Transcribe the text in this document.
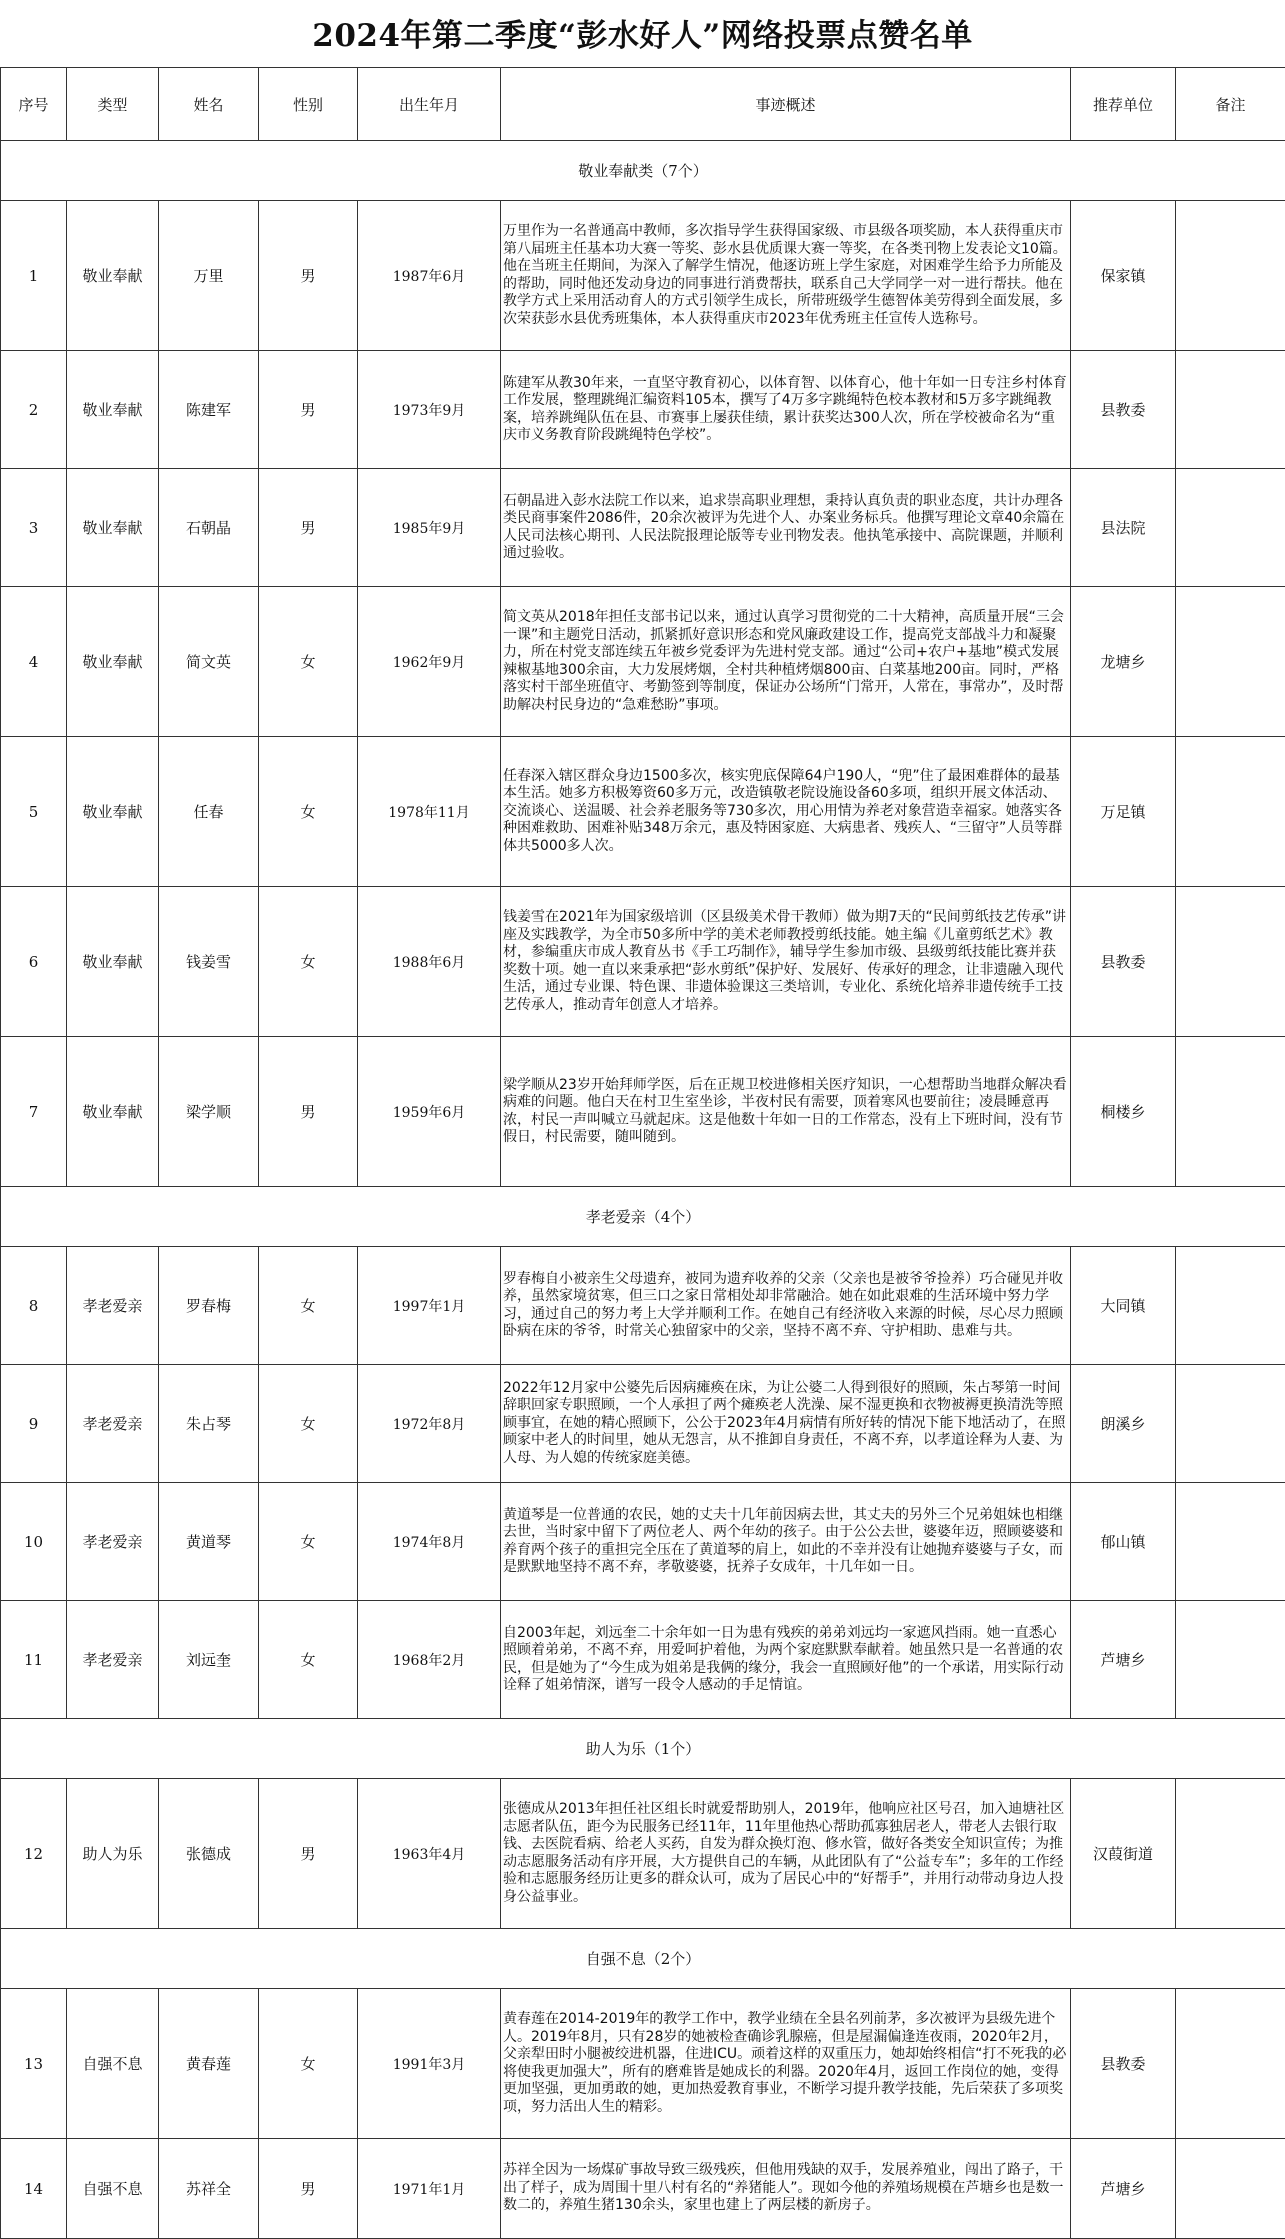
2024年第二季度“彭水好人”网络投票点赞名单
序号	类型	姓名	性别	出生年月	事迹概述	推荐单位	备注
敬业奉献类（7个）							
1	敬业奉献	万里	男	1987年6月	万里作为一名普通高中教师，多次指导学生获得国家级、市县级各项奖励，本人获得重庆市第八届班主任基本功大赛一等奖、彭水县优质课大赛一等奖，在各类刊物上发表论文10篇。他在当班主任期间，为深入了解学生情况，他逐访班上学生家庭，对困难学生给予力所能及的帮助，同时他还发动身边的同事进行消费帮扶，联系自己大学同学一对一进行帮扶。他在教学方式上采用活动育人的方式引领学生成长，所带班级学生德智体美劳得到全面发展，多次荣获彭水县优秀班集体，本人获得重庆市2023年优秀班主任宣传人选称号。	保家镇	
2	敬业奉献	陈建军	男	1973年9月	陈建军从教30年来，一直坚守教育初心，以体育智、以体育心，他十年如一日专注乡村体育工作发展，整理跳绳汇编资料105本，撰写了4万多字跳绳特色校本教材和5万多字跳绳教案，培养跳绳队伍在县、市赛事上屡获佳绩，累计获奖达300人次，所在学校被命名为“重庆市义务教育阶段跳绳特色学校”。	县教委	
3	敬业奉献	石朝晶	男	1985年9月	石朝晶进入彭水法院工作以来，追求崇高职业理想，秉持认真负责的职业态度，共计办理各类民商事案件2086件，20余次被评为先进个人、办案业务标兵。他撰写理论文章40余篇在人民司法核心期刊、人民法院报理论版等专业刊物发表。他执笔承接中、高院课题，并顺利通过验收。	县法院	
4	敬业奉献	简文英	女	1962年9月	简文英从2018年担任支部书记以来，通过认真学习贯彻党的二十大精神，高质量开展“三会一课”和主题党日活动，抓紧抓好意识形态和党风廉政建设工作，提高党支部战斗力和凝聚力，所在村党支部连续五年被乡党委评为先进村党支部。通过“公司+农户+基地”模式发展辣椒基地300余亩，大力发展烤烟，全村共种植烤烟800亩、白菜基地200亩。同时，严格落实村干部坐班值守、考勤签到等制度，保证办公场所“门常开，人常在，事常办”，及时帮助解决村民身边的“急难愁盼”事项。	龙塘乡	
5	敬业奉献	任春	女	1978年11月	任春深入辖区群众身边1500多次，核实兜底保障64户190人，“兜”住了最困难群体的最基本生活。她多方积极筹资60多万元，改造镇敬老院设施设备60多项，组织开展文体活动、交流谈心、送温暖、社会养老服务等730多次，用心用情为养老对象营造幸福家。她落实各种困难救助、困难补贴348万余元，惠及特困家庭、大病患者、残疾人、“三留守”人员等群体共5000多人次。	万足镇	
6	敬业奉献	钱姜雪	女	1988年6月	钱姜雪在2021年为国家级培训（区县级美术骨干教师）做为期7天的“民间剪纸技艺传承”讲座及实践教学，为全市50多所中学的美术老师教授剪纸技能。她主编《儿童剪纸艺术》教材，参编重庆市成人教育丛书《手工巧制作》，辅导学生参加市级、县级剪纸技能比赛并获奖数十项。她一直以来秉承把“彭水剪纸”保护好、发展好、传承好的理念，让非遗融入现代生活，通过专业课、特色课、非遗体验课这三类培训，专业化、系统化培养非遗传统手工技艺传承人，推动青年创意人才培养。	县教委	
7	敬业奉献	梁学顺	男	1959年6月	梁学顺从23岁开始拜师学医，后在正规卫校进修相关医疗知识，一心想帮助当地群众解决看病难的问题。他白天在村卫生室坐诊，半夜村民有需要，顶着寒风也要前往；凌晨睡意再浓，村民一声叫喊立马就起床。这是他数十年如一日的工作常态，没有上下班时间，没有节假日，村民需要，随叫随到。	桐楼乡	
孝老爱亲（4个）							
8	孝老爱亲	罗春梅	女	1997年1月	罗春梅自小被亲生父母遗弃，被同为遗弃收养的父亲（父亲也是被爷爷捡养）巧合碰见并收养，虽然家境贫寒，但三口之家日常相处却非常融洽。她在如此艰难的生活环境中努力学习，通过自己的努力考上大学并顺利工作。在她自己有经济收入来源的时候，尽心尽力照顾卧病在床的爷爷，时常关心独留家中的父亲，坚持不离不弃、守护相助、患难与共。	大同镇	
9	孝老爱亲	朱占琴	女	1972年8月	2022年12月家中公婆先后因病瘫痪在床，为让公婆二人得到很好的照顾，朱占琴第一时间辞职回家专职照顾，一个人承担了两个瘫痪老人洗澡、屎不湿更换和衣物被褥更换清洗等照顾事宜，在她的精心照顾下，公公于2023年4月病情有所好转的情况下能下地活动了，在照顾家中老人的时间里，她从无怨言，从不推卸自身责任，不离不弃，以孝道诠释为人妻、为人母、为人媳的传统家庭美德。	朗溪乡	
10	孝老爱亲	黄道琴	女	1974年8月	黄道琴是一位普通的农民，她的丈夫十几年前因病去世，其丈夫的另外三个兄弟姐妹也相继去世，当时家中留下了两位老人、两个年幼的孩子。由于公公去世，婆婆年迈，照顾婆婆和养育两个孩子的重担完全压在了黄道琴的肩上，如此的不幸并没有让她抛弃婆婆与子女，而是默默地坚持不离不弃，孝敬婆婆，抚养子女成年，十几年如一日。	郁山镇	
11	孝老爱亲	刘远奎	女	1968年2月	自2003年起，刘远奎二十余年如一日为患有残疾的弟弟刘远均一家遮风挡雨。她一直悉心照顾着弟弟，不离不弃，用爱呵护着他，为两个家庭默默奉献着。她虽然只是一名普通的农民，但是她为了“今生成为姐弟是我俩的缘分，我会一直照顾好他”的一个承诺，用实际行动诠释了姐弟情深，谱写一段令人感动的手足情谊。	芦塘乡	
助人为乐（1个）							
12	助人为乐	张德成	男	1963年4月	张德成从2013年担任社区组长时就爱帮助别人，2019年，他响应社区号召，加入迪塘社区志愿者队伍，距今为民服务已经11年，11年里他热心帮助孤寡独居老人，带老人去银行取钱、去医院看病、给老人买药，自发为群众换灯泡、修水管，做好各类安全知识宣传；为推动志愿服务活动有序开展，大方提供自己的车辆，从此团队有了“公益专车”；多年的工作经验和志愿服务经历让更多的群众认可，成为了居民心中的“好帮手”，并用行动带动身边人投身公益事业。	汉葭街道	
自强不息（2个）							
13	自强不息	黄春莲	女	1991年3月	黄春莲在2014-2019年的教学工作中，教学业绩在全县名列前茅，多次被评为县级先进个人。2019年8月，只有28岁的她被检查确诊乳腺癌，但是屋漏偏逢连夜雨，2020年2月，父亲犁田时小腿被绞进机器，住进ICU。顽着这样的双重压力，她却始终相信“打不死我的必将使我更加强大”，所有的磨难皆是她成长的利器。2020年4月，返回工作岗位的她，变得更加坚强，更加勇敢的她，更加热爱教育事业，不断学习提升教学技能，先后荣获了多项奖项，努力活出人生的精彩。	县教委	
14	自强不息	苏祥全	男	1971年1月	苏祥全因为一场煤矿事故导致三级残疾，但他用残缺的双手，发展养殖业，闯出了路子，干出了样子，成为周围十里八村有名的“养猪能人”。现如今他的养殖场规模在芦塘乡也是数一数二的，养殖生猪130余头，家里也建上了两层楼的新房子。	芦塘乡	
